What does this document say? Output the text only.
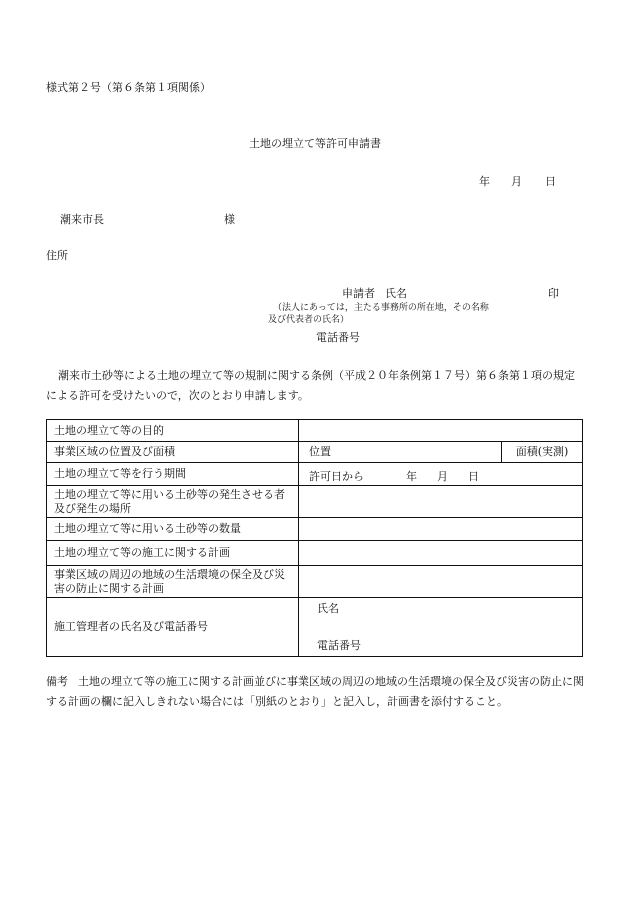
様式第２号（第６条第１項関係）
土地の埋立て等許可申請書
年 月 日
潮来市長	様
住所
申請者 氏名	印
（法人にあっては，主たる事務所の所在地，その名称
及び代表者の氏名）
電話番号
潮来市土砂等による土地の埋立て等の規制に関する条例（平成２０年条例第１７号）第６条第１項の規定による許可を受けたいので，次のとおり申請します。
土地の埋立て等の目的		
事業区域の位置及び面積	位置	面積(実測)
土地の埋立て等を行う期間	許可日から 年 月 日	
土地の埋立て等に用いる土砂等の発生させる者及び発生の場所		
土地の埋立て等に用いる土砂等の数量		
土地の埋立て等の施工に関する計画		
事業区域の周辺の地域の生活環境の保全及び災害の防止に関する計画		
施工管理者の氏名及び電話番号	氏名
電話番号	
備考 土地の埋立て等の施工に関する計画並びに事業区域の周辺の地域の生活環境の保全及び災害の防止に関する計画の欄に記入しきれない場合には「別紙のとおり」と記入し，計画書を添付すること。
